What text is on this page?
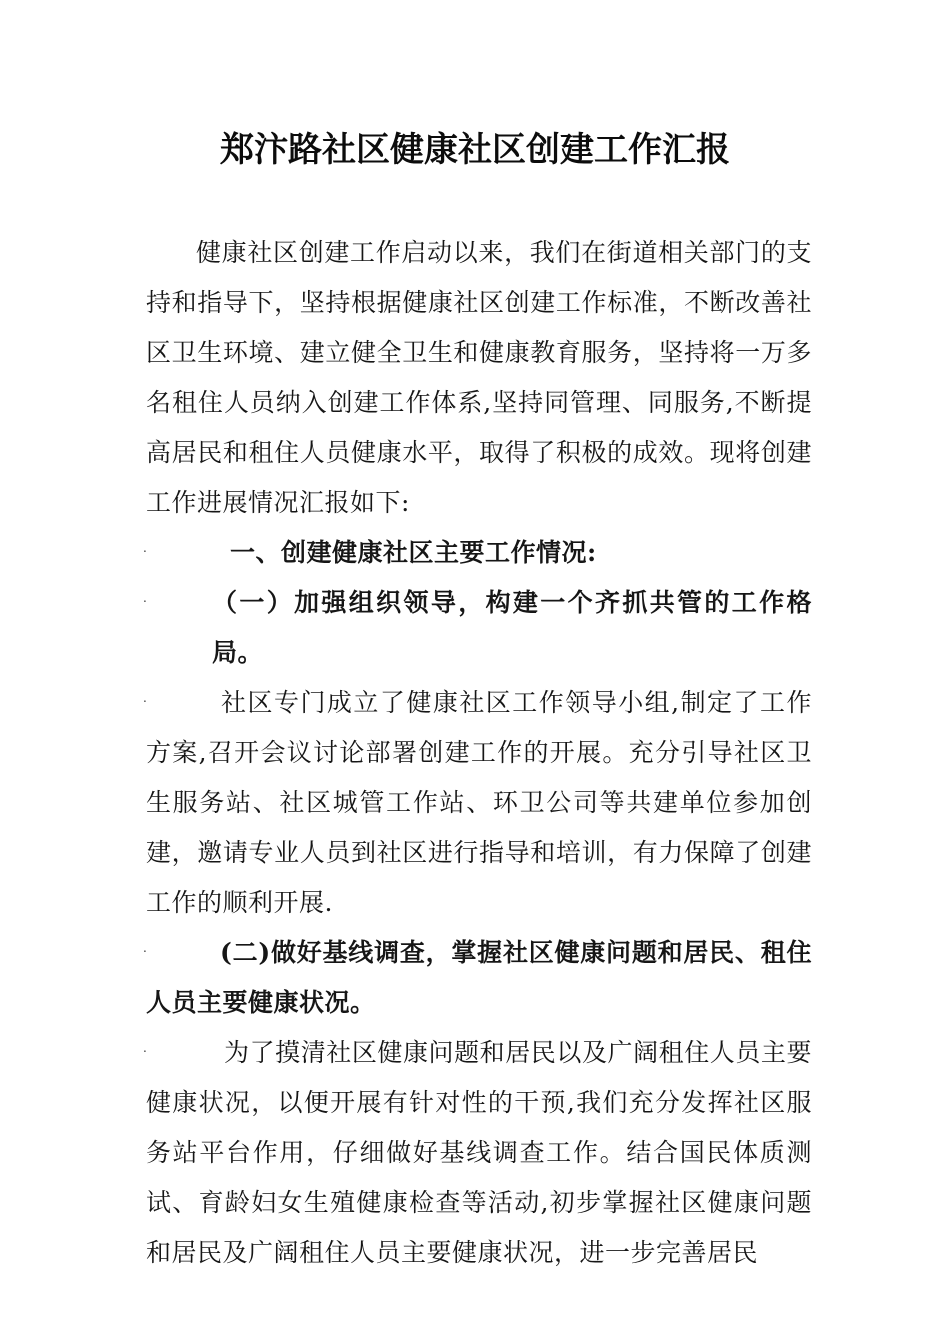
郑汴路社区健康社区创建工作汇报

健康社区创建工作启动以来，我们在街道相关部门的支持和指导下，坚持根据健康社区创建工作标准，不断改善社区卫生环境、建立健全卫生和健康教育服务，坚持将一万多名租住人员纳入创建工作体系,坚持同管理、同服务,不断提高居民和租住人员健康水平，取得了积极的成效。现将创建工作进展情况汇报如下:

.	一、创建健康社区主要工作情况:

.	（一）加强组织领导，构建一个齐抓共管的工作格局。

.	社区专门成立了健康社区工作领导小组,制定了工作方案,召开会议讨论部署创建工作的开展。充分引导社区卫生服务站、社区城管工作站、环卫公司等共建单位参加创建，邀请专业人员到社区进行指导和培训，有力保障了创建工作的顺利开展.

.	(二)做好基线调查，掌握社区健康问题和居民、租住人员主要健康状况。

.	为了摸清社区健康问题和居民以及广阔租住人员主要健康状况，以便开展有针对性的干预,我们充分发挥社区服务站平台作用，仔细做好基线调查工作。结合国民体质测试、育龄妇女生殖健康检查等活动,初步掌握社区健康问题和居民及广阔租住人员主要健康状况，进一步完善居民
